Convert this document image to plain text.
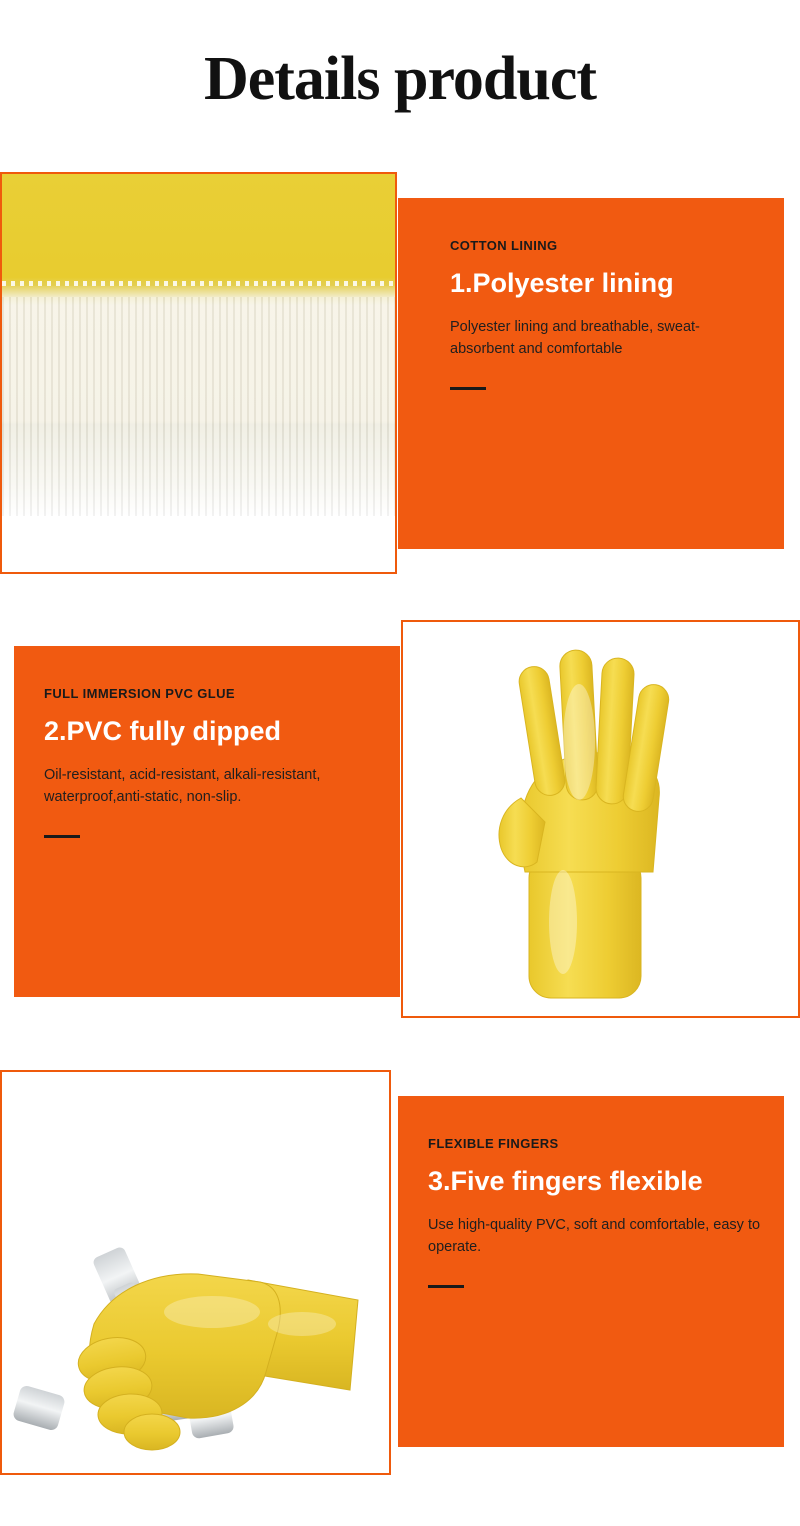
Details product

COTTON LINING

1.Polyester lining

Polyester lining and breathable, sweat-absorbent and comfortable

FULL IMMERSION PVC GLUE

2.PVC fully dipped

Oil-resistant, acid-resistant, alkali-resistant, waterproof,anti-static, non-slip.

FLEXIBLE FINGERS

3.Five fingers flexible

Use high-quality PVC, soft and comfortable, easy to operate.
